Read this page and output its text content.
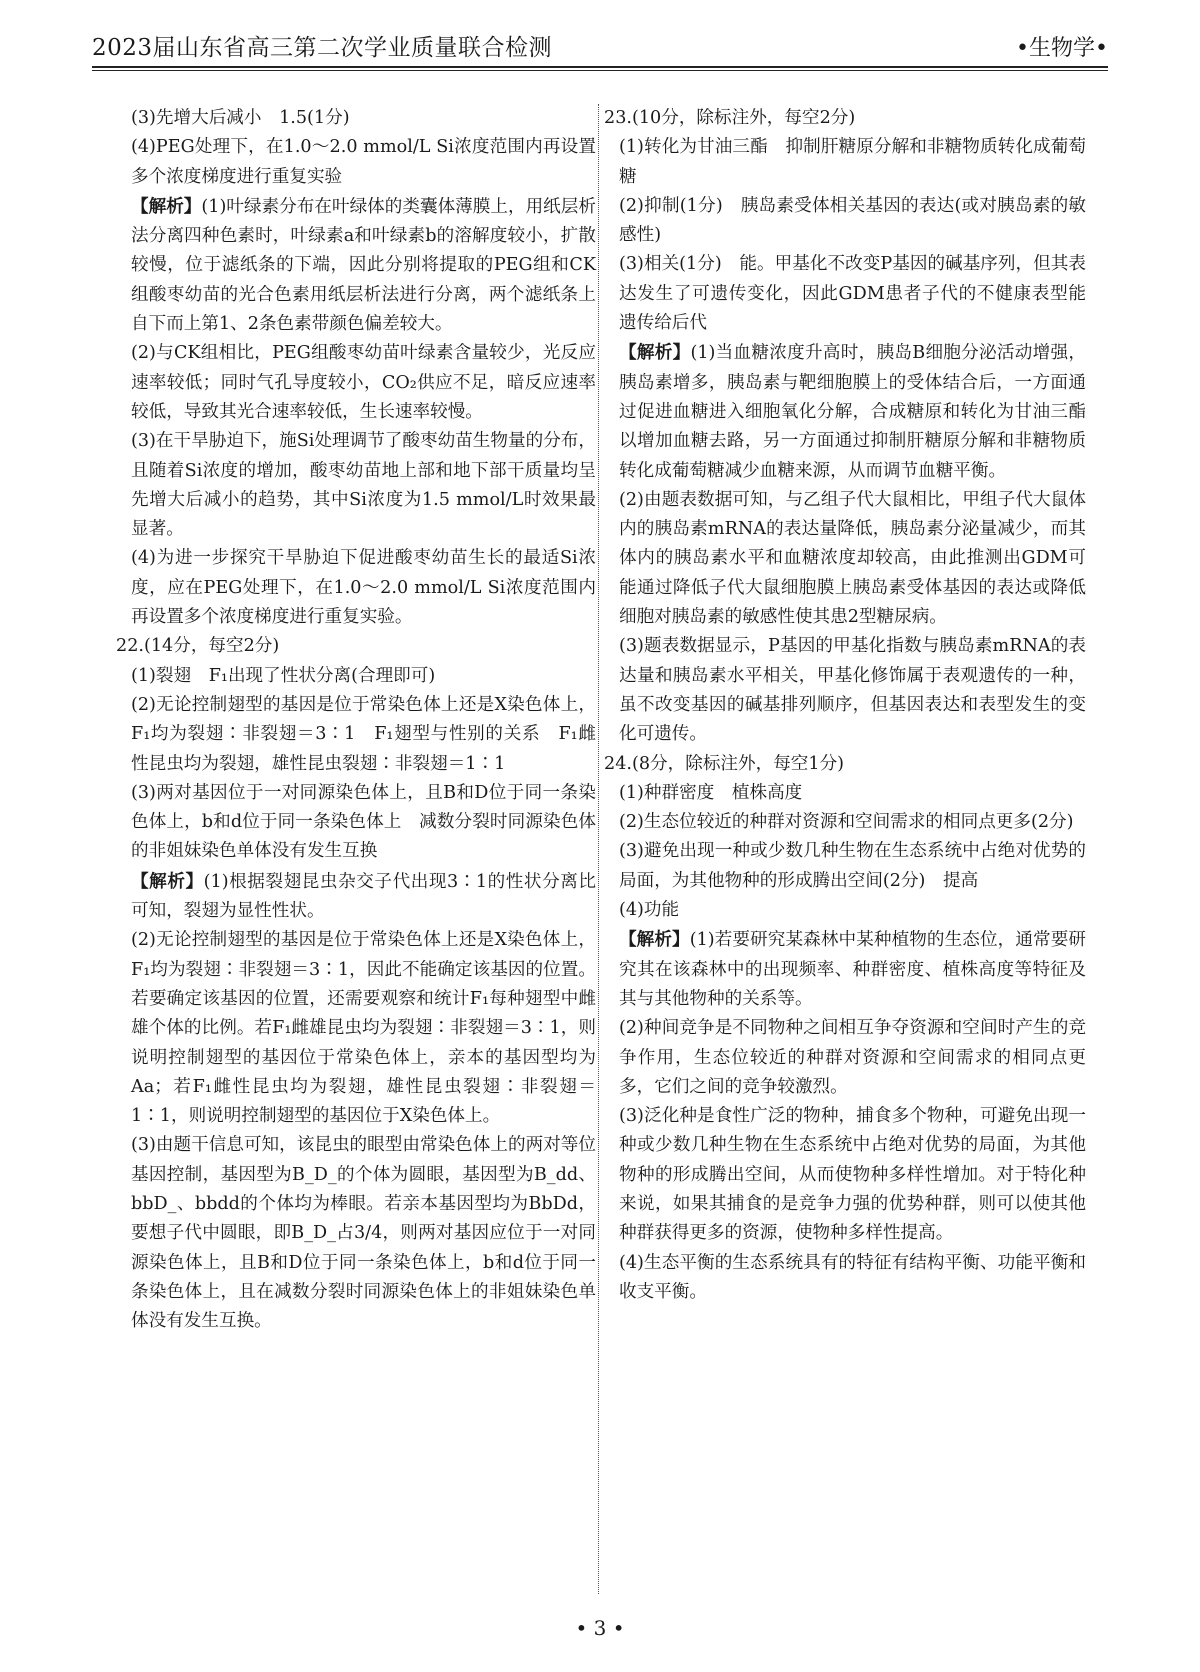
2023届山东省高三第二次学业质量联合检测	•生物学•
(3)先增大后减小　1.5(1分)
(4)PEG处理下，在1.0～2.0 mmol/L Si浓度范围内再设置多个浓度梯度进行重复实验
【解析】(1)叶绿素分布在叶绿体的类囊体薄膜上，用纸层析法分离四种色素时，叶绿素a和叶绿素b的溶解度较小，扩散较慢，位于滤纸条的下端，因此分别将提取的PEG组和CK组酸枣幼苗的光合色素用纸层析法进行分离，两个滤纸条上自下而上第1、2条色素带颜色偏差较大。
(2)与CK组相比，PEG组酸枣幼苗叶绿素含量较少，光反应速率较低；同时气孔导度较小，CO₂供应不足，暗反应速率较低，导致其光合速率较低，生长速率较慢。
(3)在干旱胁迫下，施Si处理调节了酸枣幼苗生物量的分布，且随着Si浓度的增加，酸枣幼苗地上部和地下部干质量均呈先增大后减小的趋势，其中Si浓度为1.5 mmol/L时效果最显著。
(4)为进一步探究干旱胁迫下促进酸枣幼苗生长的最适Si浓度，应在PEG处理下，在1.0～2.0 mmol/L Si浓度范围内再设置多个浓度梯度进行重复实验。
22.(14分，每空2分)
(1)裂翅　F₁出现了性状分离(合理即可)
(2)无论控制翅型的基因是位于常染色体上还是X染色体上，F₁均为裂翅∶非裂翅＝3∶1　F₁翅型与性别的关系　F₁雌性昆虫均为裂翅，雄性昆虫裂翅∶非裂翅＝1∶1
(3)两对基因位于一对同源染色体上，且B和D位于同一条染色体上，b和d位于同一条染色体上　减数分裂时同源染色体的非姐妹染色单体没有发生互换
【解析】(1)根据裂翅昆虫杂交子代出现3∶1的性状分离比可知，裂翅为显性性状。
(2)无论控制翅型的基因是位于常染色体上还是X染色体上，F₁均为裂翅∶非裂翅＝3∶1，因此不能确定该基因的位置。若要确定该基因的位置，还需要观察和统计F₁每种翅型中雌雄个体的比例。若F₁雌雄昆虫均为裂翅∶非裂翅＝3∶1，则说明控制翅型的基因位于常染色体上，亲本的基因型均为Aa；若F₁雌性昆虫均为裂翅，雄性昆虫裂翅∶非裂翅＝1∶1，则说明控制翅型的基因位于X染色体上。
(3)由题干信息可知，该昆虫的眼型由常染色体上的两对等位基因控制，基因型为B_D_的个体为圆眼，基因型为B_dd、bbD_、bbdd的个体均为棒眼。若亲本基因型均为BbDd，要想子代中圆眼，即B_D_占3/4，则两对基因应位于一对同源染色体上，且B和D位于同一条染色体上，b和d位于同一条染色体上，且在减数分裂时同源染色体上的非姐妹染色单体没有发生互换。
23.(10分，除标注外，每空2分)
(1)转化为甘油三酯　抑制肝糖原分解和非糖物质转化成葡萄糖
(2)抑制(1分)　胰岛素受体相关基因的表达(或对胰岛素的敏感性)
(3)相关(1分)　能。甲基化不改变P基因的碱基序列，但其表达发生了可遗传变化，因此GDM患者子代的不健康表型能遗传给后代
【解析】(1)当血糖浓度升高时，胰岛B细胞分泌活动增强，胰岛素增多，胰岛素与靶细胞膜上的受体结合后，一方面通过促进血糖进入细胞氧化分解，合成糖原和转化为甘油三酯以增加血糖去路，另一方面通过抑制肝糖原分解和非糖物质转化成葡萄糖减少血糖来源，从而调节血糖平衡。
(2)由题表数据可知，与乙组子代大鼠相比，甲组子代大鼠体内的胰岛素mRNA的表达量降低，胰岛素分泌量减少，而其体内的胰岛素水平和血糖浓度却较高，由此推测出GDM可能通过降低子代大鼠细胞膜上胰岛素受体基因的表达或降低细胞对胰岛素的敏感性使其患2型糖尿病。
(3)题表数据显示，P基因的甲基化指数与胰岛素mRNA的表达量和胰岛素水平相关，甲基化修饰属于表观遗传的一种，虽不改变基因的碱基排列顺序，但基因表达和表型发生的变化可遗传。
24.(8分，除标注外，每空1分)
(1)种群密度　植株高度
(2)生态位较近的种群对资源和空间需求的相同点更多(2分)
(3)避免出现一种或少数几种生物在生态系统中占绝对优势的局面，为其他物种的形成腾出空间(2分)　提高
(4)功能
【解析】(1)若要研究某森林中某种植物的生态位，通常要研究其在该森林中的出现频率、种群密度、植株高度等特征及其与其他物种的关系等。
(2)种间竞争是不同物种之间相互争夺资源和空间时产生的竞争作用，生态位较近的种群对资源和空间需求的相同点更多，它们之间的竞争较激烈。
(3)泛化种是食性广泛的物种，捕食多个物种，可避免出现一种或少数几种生物在生态系统中占绝对优势的局面，为其他物种的形成腾出空间，从而使物种多样性增加。对于特化种来说，如果其捕食的是竞争力强的优势种群，则可以使其他种群获得更多的资源，使物种多样性提高。
(4)生态平衡的生态系统具有的特征有结构平衡、功能平衡和收支平衡。
• 3 •
